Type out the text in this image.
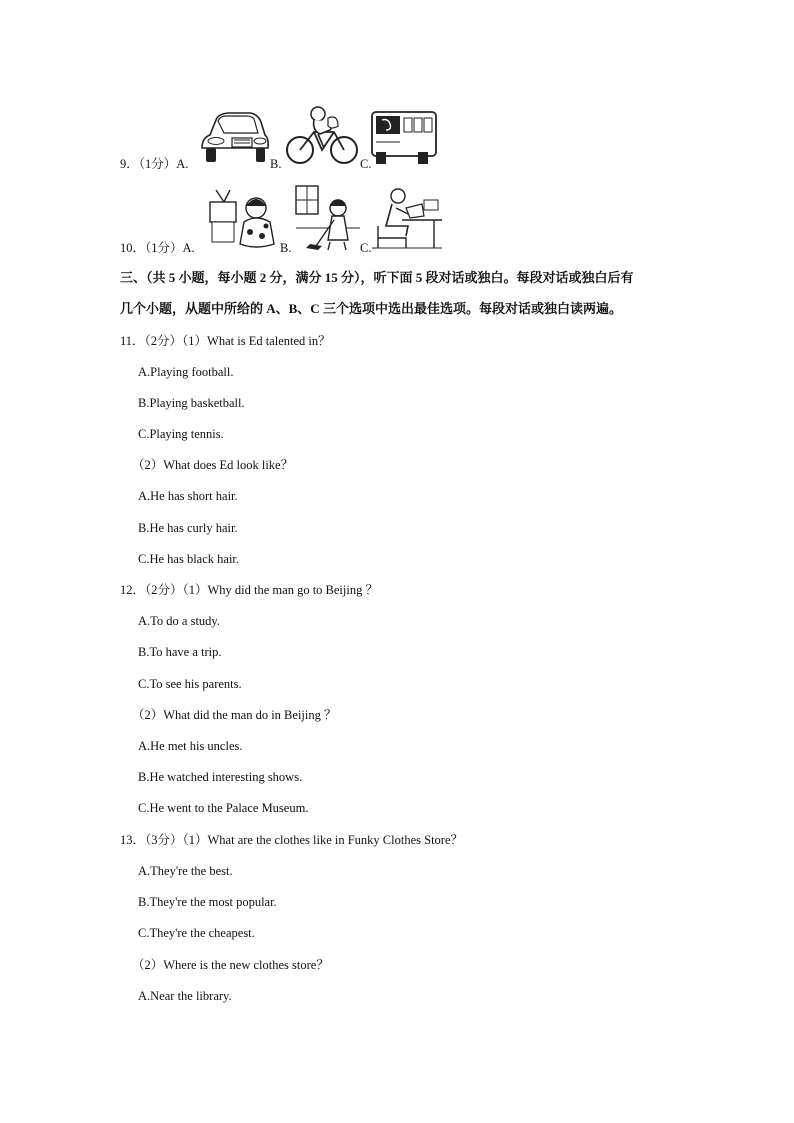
9．（1分）A.	B.	C.
10．（1分）A.	B.	C.
三、（共 5 小题，每小题 2 分，满分 15 分），听下面 5 段对话或独白。每段对话或独白后有
几个小题，从题中所给的 A、B、C 三个选项中选出最佳选项。每段对话或独白读两遍。
11．（2分）（1）What is Ed talented in？
A.Playing football.
B.Playing basketball.
C.Playing tennis.
（2）What does Ed look like？
A.He has short hair.
B.He has curly hair.
C.He has black hair.
12．（2分）（1）Why did the man go to Beijing ？
A.To do a study.
B.To have a trip.
C.To see his parents.
（2）What did the man do in Beijing ？
A.He met his uncles.
B.He watched interesting shows.
C.He went to the Palace Museum.
13．（3分）（1）What are the clothes like in Funky Clothes Store？
A.They're the best.
B.They're the most popular.
C.They're the cheapest.
（2）Where is the new clothes store？
A.Near the library.
